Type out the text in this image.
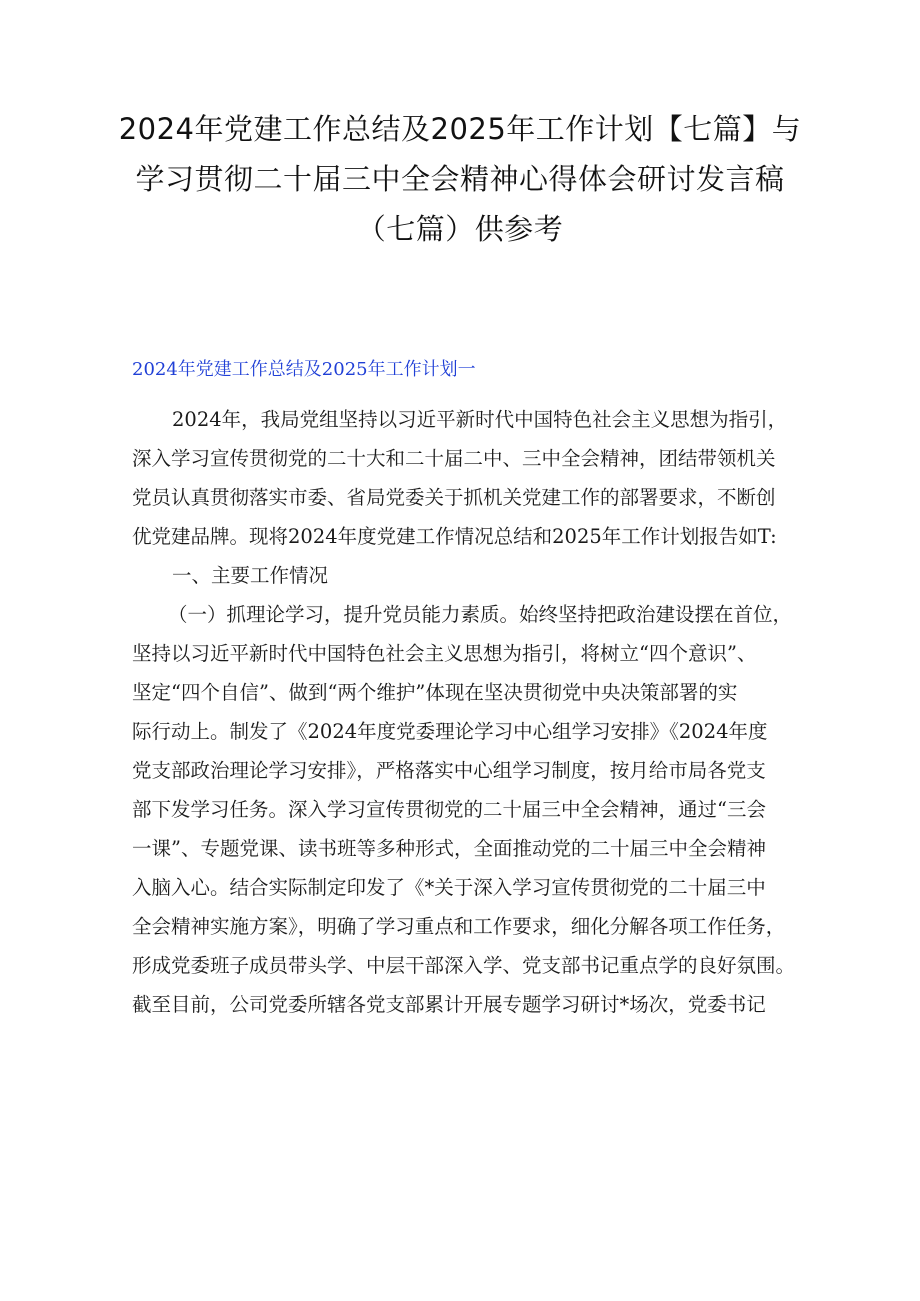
2024年党建工作总结及2025年工作计划【七篇】与
学习贯彻二十届三中全会精神心得体会研讨发言稿
（七篇）供参考
2024年党建工作总结及2025年工作计划一
2024年，我局党组坚持以习近平新时代中国特色社会主义思想为指引，
深入学习宣传贯彻党的二十大和二十届二中、三中全会精神，团结带领机关
党员认真贯彻落实市委、省局党委关于抓机关党建工作的部署要求，不断创
优党建品牌。现将2024年度党建工作情况总结和2025年工作计划报告如T:
一、主要工作情况
（一）抓理论学习，提升党员能力素质。始终坚持把政治建设摆在首位，
坚持以习近平新时代中国特色社会主义思想为指引，将树立“四个意识”、
坚定“四个自信”、做到“两个维护”体现在坚决贯彻党中央决策部署的实
际行动上。制发了《2024年度党委理论学习中心组学习安排》《2024年度
党支部政治理论学习安排》，严格落实中心组学习制度，按月给市局各党支
部下发学习任务。深入学习宣传贯彻党的二十届三中全会精神，通过“三会
一课”、专题党课、读书班等多种形式，全面推动党的二十届三中全会精神
入脑入心。结合实际制定印发了《*关于深入学习宣传贯彻党的二十届三中
全会精神实施方案》，明确了学习重点和工作要求，细化分解各项工作任务，
形成党委班子成员带头学、中层干部深入学、党支部书记重点学的良好氛围。
截至目前，公司党委所辖各党支部累计开展专题学习研讨*场次，党委书记
